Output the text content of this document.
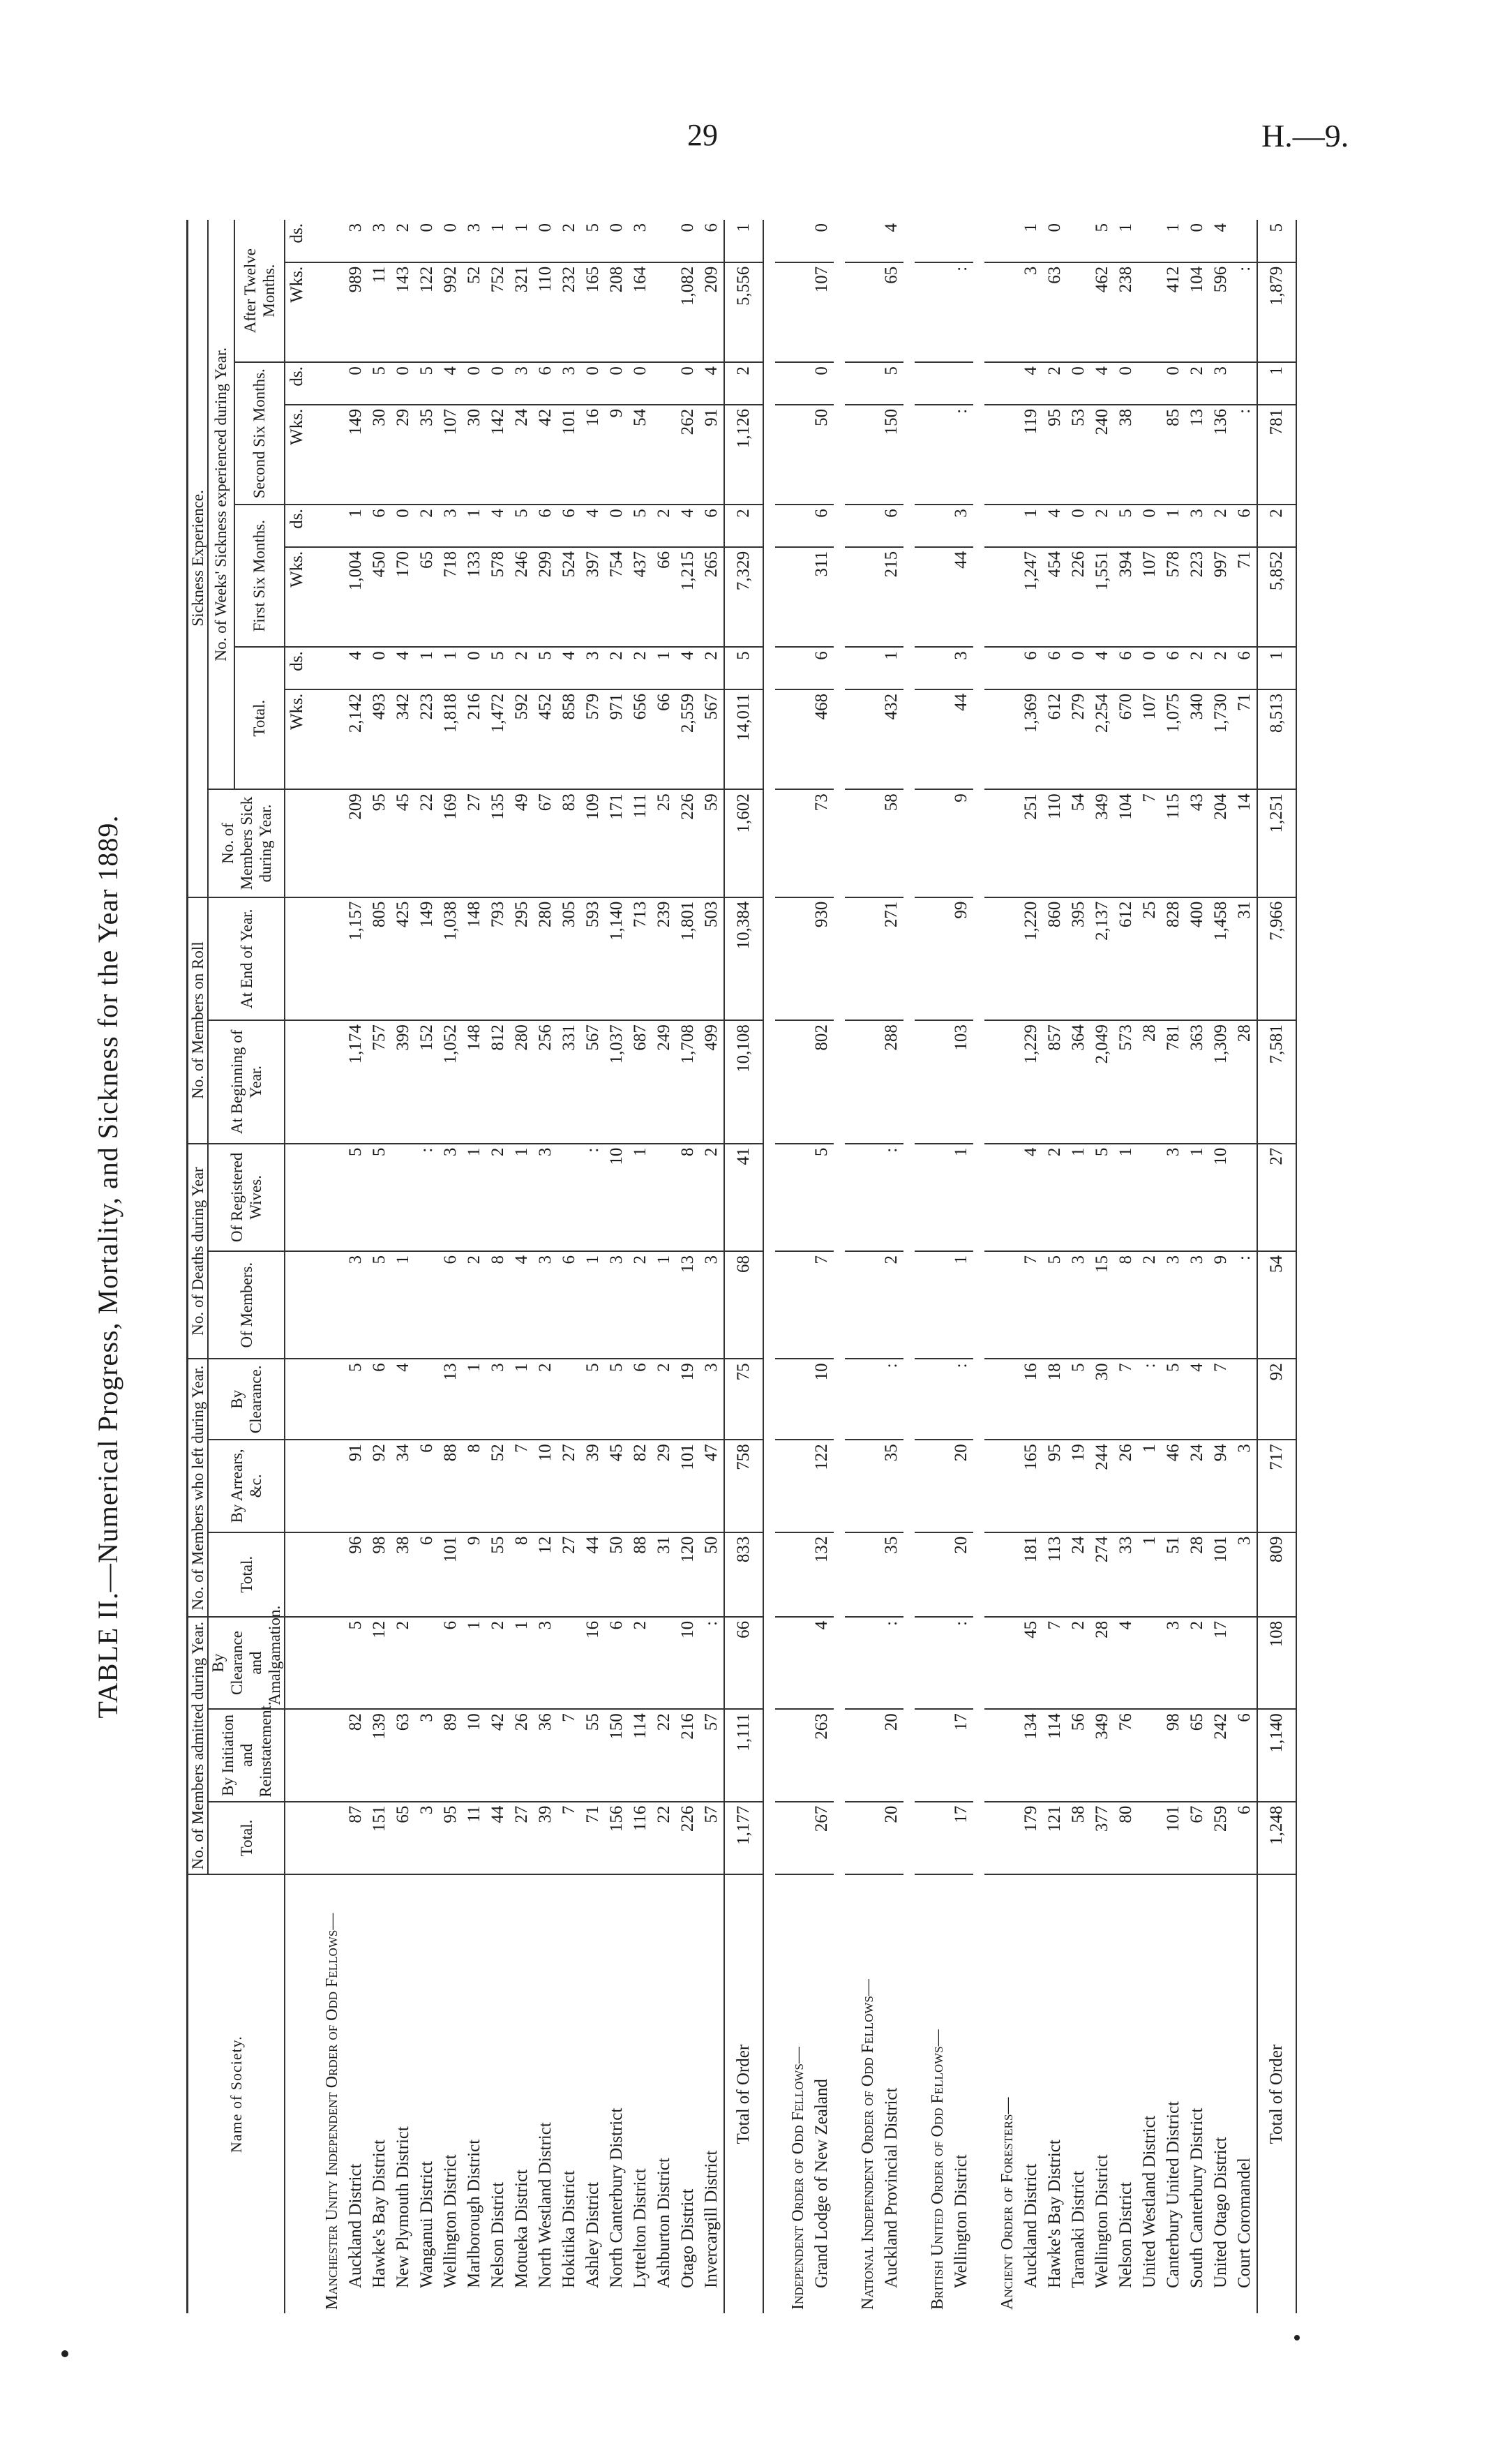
29	H.—9.
TABLE II.—Numerical Progress, Mortality, and Sickness for the Year 1889.
Name of Society.	No. of Members admitted during Year.			No. of Members who left during Year.			No. of Deaths during Year		No. of Members on Roll		Sickness Experience.								
	Total.	By Initiation and Reinstatement.	By Clearance and Amalgamation.	Total.	By Arrears, &c.	By Clearance.	Of Members.	Of Registered Wives.	At Beginning of Year.	At End of Year.	No. of Members Sick during Year.	No. of Weeks' Sickness experienced during Year.							
												Total.		First Six Months.		Second Six Months.		After Twelve Months.	
												Wks.	ds.	Wks.	ds.	Wks.	ds.	Wks.	ds.
Manchester Unity Independent Order of Odd Fellows—																			
Auckland District	87	82	5	96	91	5	3	5	1,174	1,157	209	2,142	4	1,004	1	149	0	989	3
Hawke's Bay District	151	139	12	98	92	6	5	5	757	805	95	493	0	450	6	30	5	11	3
New Plymouth District	65	63	2	38	34	4	1		399	425	45	342	4	170	0	29	0	143	2
Wanganui District	3	3		6	6			:	152	149	22	223	1	65	2	35	5	122	0
Wellington District	95	89	6	101	88	13	6	3	1,052	1,038	169	1,818	1	718	3	107	4	992	0
Marlborough District	11	10	1	9	8	1	2	1	148	148	27	216	0	133	1	30	0	52	3
Nelson District	44	42	2	55	52	3	8	2	812	793	135	1,472	5	578	4	142	0	752	1
Motueka District	27	26	1	8	7	1	4	1	280	295	49	592	2	246	5	24	3	321	1
North Westland District	39	36	3	12	10	2	3	3	256	280	67	452	5	299	6	42	6	110	0
Hokitika District	7	7		27	27		6		331	305	83	858	4	524	6	101	3	232	2
Ashley District	71	55	16	44	39	5	1	:	567	593	109	579	3	397	4	16	0	165	5
North Canterbury District	156	150	6	50	45	5	3	10	1,037	1,140	171	971	2	754	0	9	0	208	0
Lyttelton District	116	114	2	88	82	6	2	1	687	713	111	656	2	437	5	54	0	164	3
Ashburton District	22	22		31	29	2	1		249	239	25	66	1	66	2				
Otago District	226	216	10	120	101	19	13	8	1,708	1,801	226	2,559	4	1,215	4	262	0	1,082	0
Invercargill District	57	57	:	50	47	3	3	2	499	503	59	567	2	265	6	91	4	209	6
Total of Order	1,177	1,111	66	833	758	75	68	41	10,108	10,384	1,602	14,011	5	7,329	2	1,126	2	5,556	1

Independent Order of Odd Fellows—																			
Grand Lodge of New Zealand	267	263	4	132	122	10	7	5	802	930	73	468	6	311	6	50	0	107	0

National Independent Order of Odd Fellows—																			
Auckland Provincial District	20	20	:	35	35	:	2	:	288	271	58	432	1	215	6	150	5	65	4

British United Order of Odd Fellows—																			
Wellington District	17	17	:	20	20	:	1	1	103	99	9	44	3	44	3	:		:	

Ancient Order of Foresters—																			
Auckland District	179	134	45	181	165	16	7	4	1,229	1,220	251	1,369	6	1,247	1	119	4	3	1
Hawke's Bay District	121	114	7	113	95	18	5	2	857	860	110	612	6	454	4	95	2	63	0
Taranaki District	58	56	2	24	19	5	3	1	364	395	54	279	0	226	0	53	0		
Wellington District	377	349	28	274	244	30	15	5	2,049	2,137	349	2,254	4	1,551	2	240	4	462	5
Nelson District	80	76	4	33	26	7	8	1	573	612	104	670	6	394	5	38	0	238	1
United Westland District				1	1	:	2		28	25	7	107	0	107	0				
Canterbury United District	101	98	3	51	46	5	3	3	781	828	115	1,075	6	578	1	85	0	412	1
South Canterbury District	67	65	2	28	24	4	3	1	363	400	43	340	2	223	3	13	2	104	0
United Otago District	259	242	17	101	94	7	9	10	1,309	1,458	204	1,730	2	997	2	136	3	596	4
Court Coromandel	6	6		3	3		:		28	31	14	71	6	71	6	:		:	
Total of Order	1,248	1,140	108	809	717	92	54	27	7,581	7,966	1,251	8,513	1	5,852	2	781	1	1,879	5
